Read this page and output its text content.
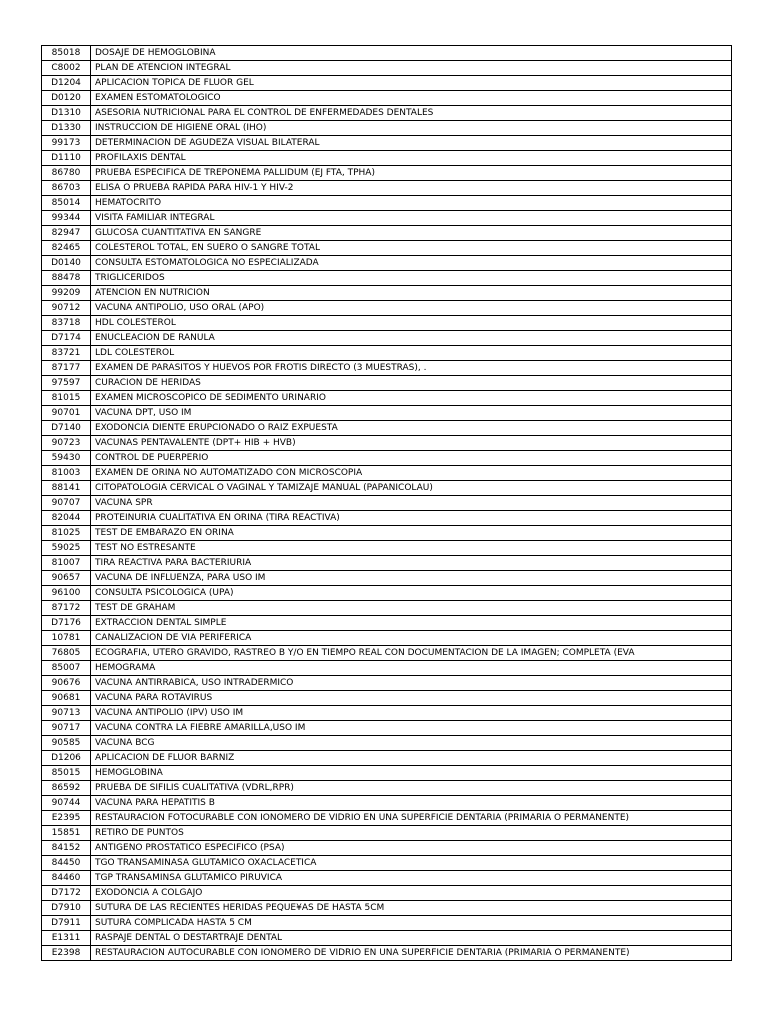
85018	DOSAJE DE HEMOGLOBINA
C8002	PLAN DE ATENCION INTEGRAL
D1204	APLICACION TOPICA DE FLUOR GEL
D0120	EXAMEN ESTOMATOLOGICO
D1310	ASESORIA NUTRICIONAL PARA EL CONTROL DE ENFERMEDADES DENTALES
D1330	INSTRUCCION DE HIGIENE ORAL (IHO)
99173	DETERMINACION DE AGUDEZA VISUAL BILATERAL
D1110	PROFILAXIS DENTAL
86780	PRUEBA ESPECIFICA DE TREPONEMA PALLIDUM (EJ FTA, TPHA)
86703	ELISA O PRUEBA RAPIDA PARA HIV-1 Y HIV-2
85014	HEMATOCRITO
99344	VISITA FAMILIAR INTEGRAL
82947	GLUCOSA CUANTITATIVA EN SANGRE
82465	COLESTEROL TOTAL, EN SUERO O SANGRE TOTAL
D0140	CONSULTA ESTOMATOLOGICA NO ESPECIALIZADA
88478	TRIGLICERIDOS
99209	ATENCION EN NUTRICION
90712	VACUNA ANTIPOLIO, USO ORAL (APO)
83718	HDL COLESTEROL
D7174	ENUCLEACION DE RANULA
83721	LDL COLESTEROL
87177	EXAMEN DE PARASITOS Y HUEVOS POR FROTIS DIRECTO (3 MUESTRAS), .
97597	CURACION DE HERIDAS
81015	EXAMEN MICROSCOPICO DE SEDIMENTO URINARIO
90701	VACUNA DPT, USO IM
D7140	EXODONCIA DIENTE ERUPCIONADO O RAIZ EXPUESTA
90723	VACUNAS PENTAVALENTE (DPT+ HIB + HVB)
59430	CONTROL DE PUERPERIO
81003	EXAMEN DE ORINA NO AUTOMATIZADO CON MICROSCOPIA
88141	CITOPATOLOGIA CERVICAL O VAGINAL Y TAMIZAJE MANUAL (PAPANICOLAU)
90707	VACUNA SPR
82044	PROTEINURIA CUALITATIVA EN ORINA (TIRA REACTIVA)
81025	TEST DE EMBARAZO EN ORINA
59025	TEST NO ESTRESANTE
81007	TIRA REACTIVA PARA BACTERIURIA
90657	VACUNA DE INFLUENZA, PARA USO IM
96100	CONSULTA PSICOLOGICA (UPA)
87172	TEST DE GRAHAM
D7176	EXTRACCION DENTAL SIMPLE
10781	CANALIZACION DE VIA PERIFERICA
76805	ECOGRAFIA, UTERO GRAVIDO, RASTREO B Y/O EN TIEMPO REAL CON DOCUMENTACION DE LA IMAGEN; COMPLETA (EVA
85007	HEMOGRAMA
90676	VACUNA ANTIRRABICA, USO INTRADERMICO
90681	VACUNA PARA ROTAVIRUS
90713	VACUNA ANTIPOLIO (IPV) USO IM
90717	VACUNA CONTRA LA FIEBRE AMARILLA,USO IM
90585	VACUNA BCG
D1206	APLICACION DE FLUOR BARNIZ
85015	HEMOGLOBINA
86592	PRUEBA DE SIFILIS CUALITATIVA (VDRL,RPR)
90744	VACUNA PARA HEPATITIS B
E2395	RESTAURACION FOTOCURABLE CON IONOMERO DE VIDRIO EN UNA SUPERFICIE DENTARIA (PRIMARIA O PERMANENTE)
15851	RETIRO DE PUNTOS
84152	ANTIGENO PROSTATICO ESPECIFICO (PSA)
84450	TGO TRANSAMINASA GLUTAMICO OXACLACETICA
84460	TGP TRANSAMINSA GLUTAMICO PIRUVICA
D7172	EXODONCIA A COLGAJO
D7910	SUTURA DE LAS RECIENTES HERIDAS PEQUE¥AS DE HASTA 5CM
D7911	SUTURA COMPLICADA HASTA 5 CM
E1311	RASPAJE DENTAL O DESTARTRAJE DENTAL
E2398	RESTAURACION AUTOCURABLE CON IONOMERO DE VIDRIO EN UNA SUPERFICIE DENTARIA (PRIMARIA O PERMANENTE)
